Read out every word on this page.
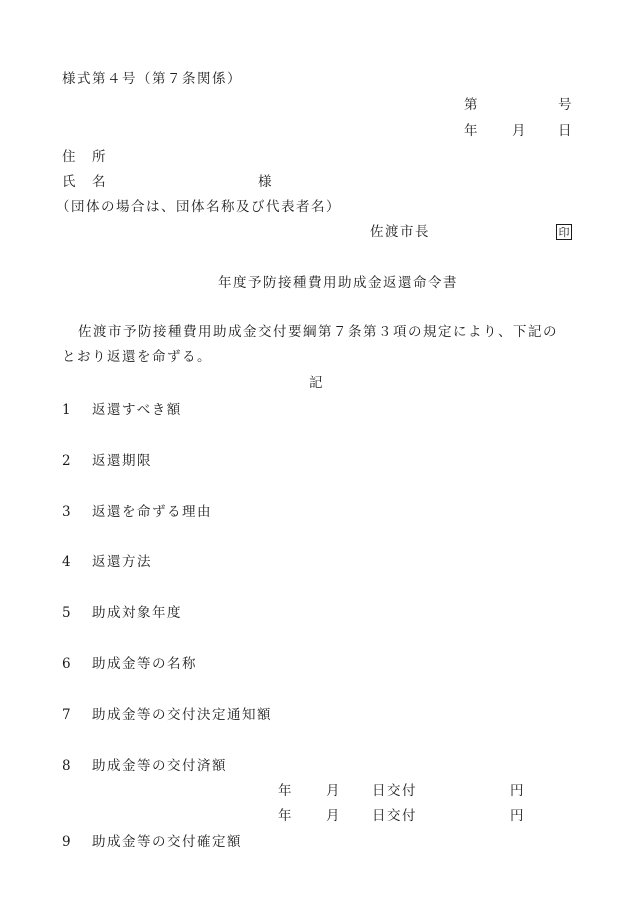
様式第４号（第７条関係）
第	号
年 月 日
住　所
氏　名	様
（団体の場合は、団体名称及び代表者名）
佐渡市長	印
年度予防接種費用助成金返還命令書
佐渡市予防接種費用助成金交付要綱第７条第３項の規定により、下記の
とおり返還を命ずる。
記
1 返還すべき額
2 返還期限
3 返還を命ずる理由
4 返還方法
5 助成対象年度
6 助成金等の名称
7 助成金等の交付決定通知額
8 助成金等の交付済額
年 月 日交付	円
年 月 日交付	円
9 助成金等の交付確定額
